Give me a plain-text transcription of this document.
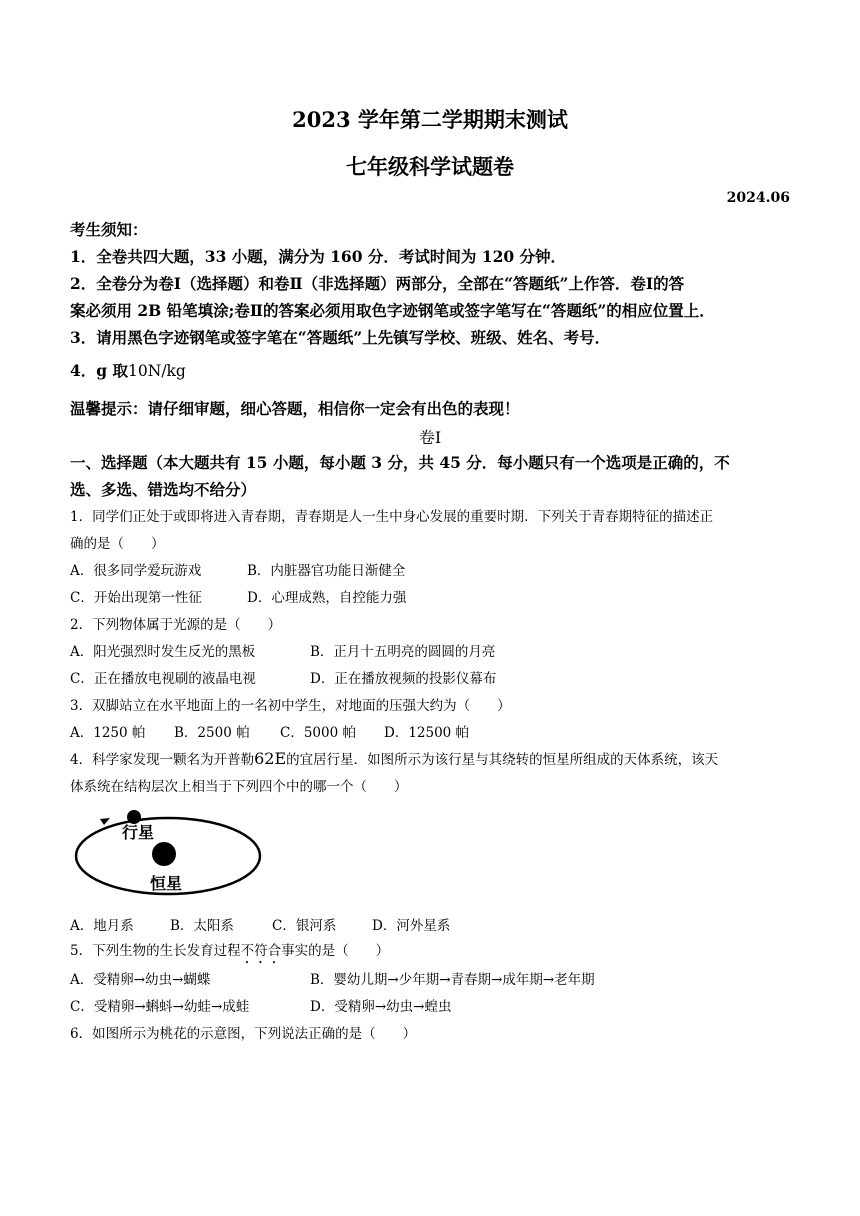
2023 学年第二学期期末测试
七年级科学试题卷
2024.06
考生须知：
1．全卷共四大题，33 小题，满分为 160 分．考试时间为 120 分钟．
2．全卷分为卷Ⅰ（选择题）和卷Ⅱ（非选择题）两部分，全部在“答题纸”上作答．卷Ⅰ的答
案必须用 2B 铅笔填涂;卷Ⅱ的答案必须用取色字迹钢笔或签字笔写在“答题纸”的相应位置上．
3．请用黑色字迹钢笔或签字笔在“答题纸”上先镇写学校、班级、姓名、考号．
4．g 取10N/kg
温馨提示：请仔细审题，细心答题，相信你一定会有出色的表现！
卷Ⅰ
一、选择题（本大题共有 15 小题，每小题 3 分，共 45 分．每小题只有一个选项是正确的，不
选、多选、错选均不给分）
1．同学们正处于或即将进入青春期，青春期是人一生中身心发展的重要时期．下列关于青春期特征的描述正
确的是（　　）
A．很多同学爱玩游戏	B．内脏器官功能日渐健全
C．开始出现第一性征	D．心理成熟，自控能力强
2．下列物体属于光源的是（　　）
A．阳光强烈时发生反光的黑板	B．正月十五明亮的圆圆的月亮
C．正在播放电视刷的液晶电视	D．正在播放视频的投影仪幕布
3．双脚站立在水平地面上的一名初中学生，对地面的压强大约为（　　）
A．1250 帕 B．2500 帕 C．5000 帕 D．12500 帕
4．科学家发现一颗名为开普勒62E的宜居行星．如图所示为该行星与其绕转的恒星所组成的天体系统，该天
体系统在结构层次上相当于下列四个中的哪一个（　　）
行星
恒星
A．地月系	B．太阳系	C．银河系	D．河外星系
5．下列生物的生长发育过程不符合事实的是（　　）
A．受精卵→幼虫→蝴蝶	B．婴幼儿期→少年期→青春期→成年期→老年期
C．受精卵→蝌蚪→幼蛙→成蛙	D．受精卵→幼虫→蝗虫
6．如图所示为桃花的示意图，下列说法正确的是（　　）
